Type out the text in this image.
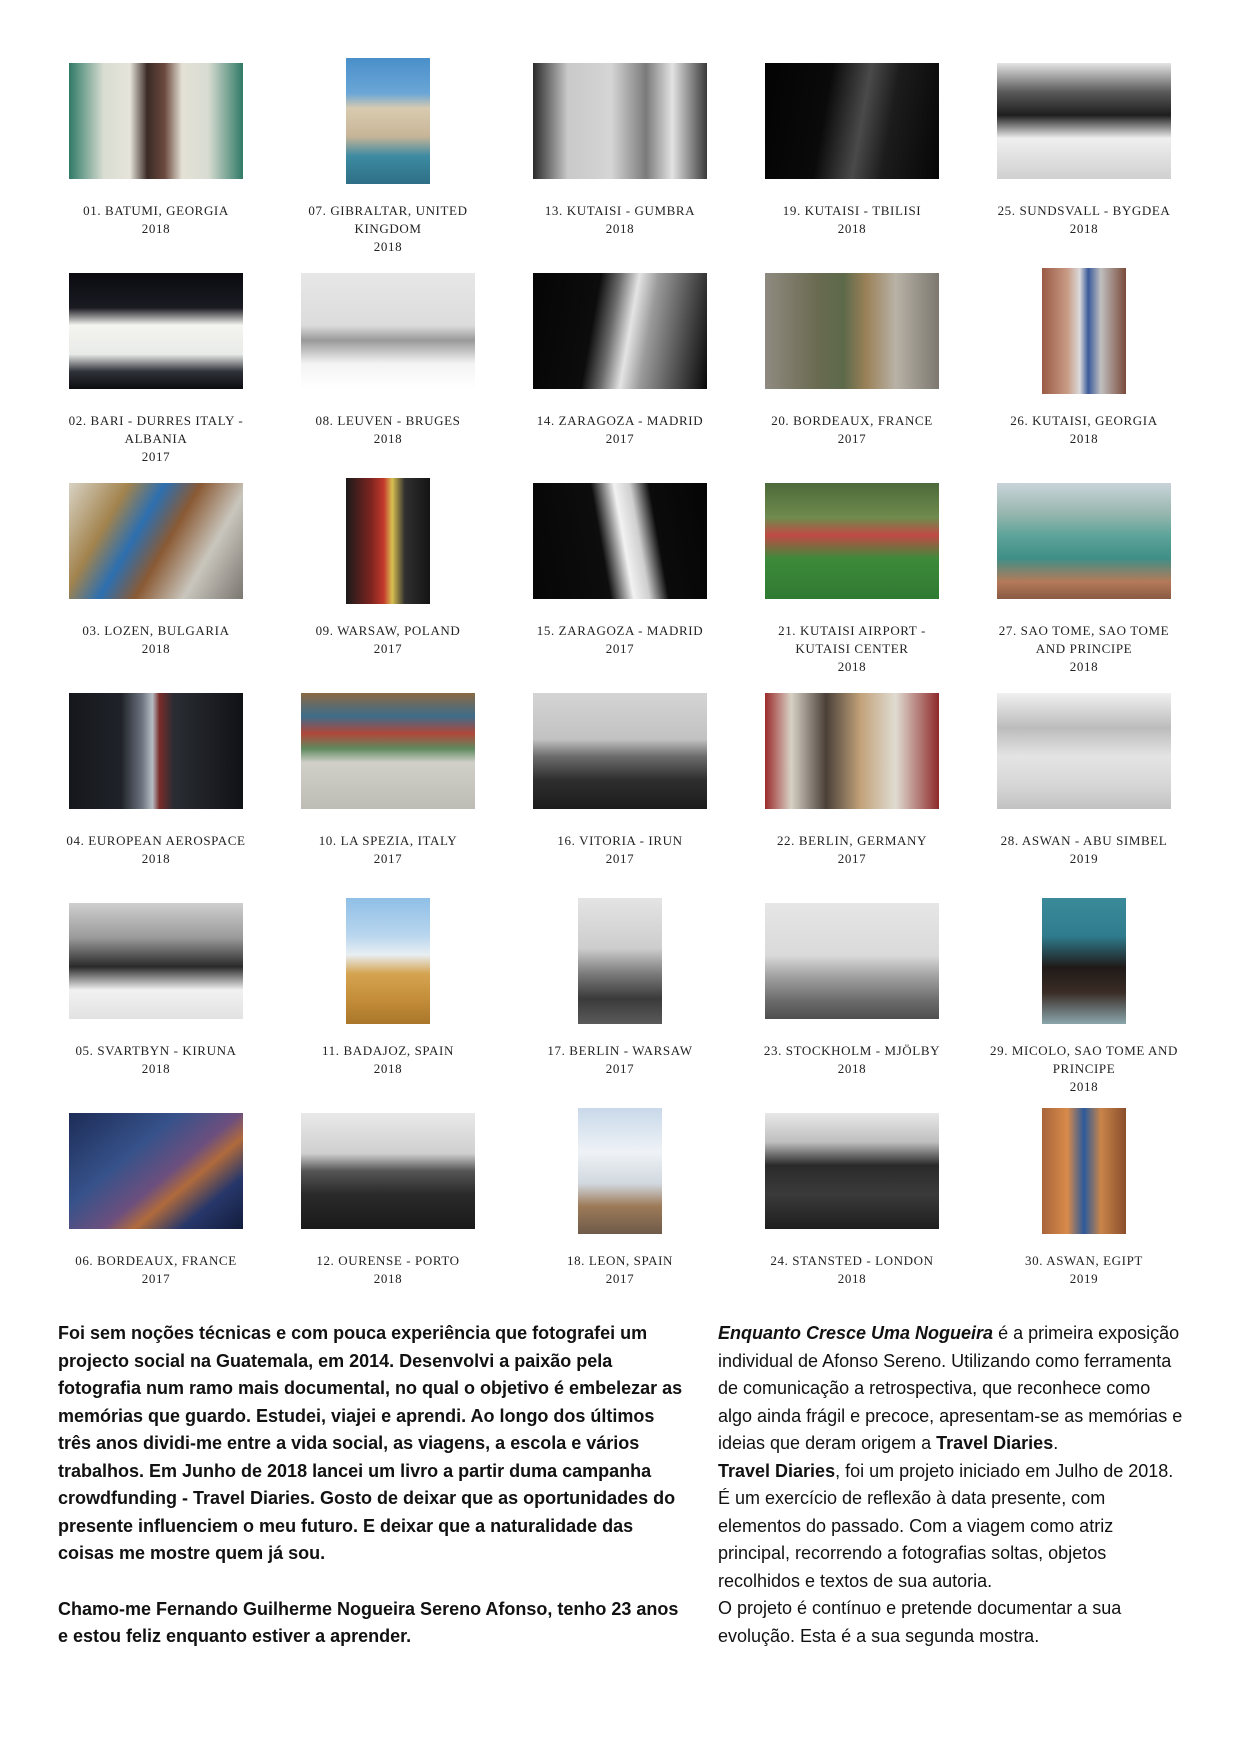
01. BATUMI, GEORGIA
2018
07. GIBRALTAR, UNITED KINGDOM
2018
13. KUTAISI - GUMBRA
2018
19. KUTAISI - TBILISI
2018
25. SUNDSVALL - BYGDEA
2018
02. BARI - DURRES ITALY - ALBANIA
2017
08. LEUVEN - BRUGES
2018
14. ZARAGOZA - MADRID
2017
20. BORDEAUX, FRANCE
2017
26. KUTAISI, GEORGIA
2018
03. LOZEN, BULGARIA
2018
09. WARSAW, POLAND
2017
15. ZARAGOZA - MADRID
2017
21. KUTAISI AIRPORT - KUTAISI CENTER
2018
27. SAO TOME, SAO TOME AND PRINCIPE
2018
04. EUROPEAN AEROSPACE
2018
10. LA SPEZIA, ITALY
2017
16. VITORIA - IRUN
2017
22. BERLIN, GERMANY
2017
28. ASWAN - ABU SIMBEL
2019
05. SVARTBYN - KIRUNA
2018
11. BADAJOZ, SPAIN
2018
17. BERLIN - WARSAW
2017
23. STOCKHOLM - MJÖLBY
2018
29. MICOLO, SAO TOME AND PRINCIPE
2018
06. BORDEAUX, FRANCE
2017
12. OURENSE - PORTO
2018
18. LEON, SPAIN
2017
24. STANSTED - LONDON
2018
30. ASWAN, EGIPT
2019

Foi sem noções técnicas e com pouca experiência que fotografei um projecto social na Guatemala, em 2014. Desenvolvi a paixão pela fotografia num ramo mais documental, no qual o objetivo é embelezar as memórias que guardo. Estudei, viajei e aprendi. Ao longo dos últimos três anos dividi-me entre a vida social, as viagens, a escola e vários trabalhos. Em Junho de 2018 lancei um livro a partir duma campanha crowdfunding - Travel Diaries. Gosto de deixar que as oportunidades do presente influenciem o meu futuro. E deixar que a naturalidade das coisas me mostre quem já sou.

Chamo-me Fernando Guilherme Nogueira Sereno Afonso, tenho 23 anos e estou feliz enquanto estiver a aprender.

Enquanto Cresce Uma Nogueira é a primeira exposição individual de Afonso Sereno. Utilizando como ferramenta de comunicação a retrospectiva, que reconhece como algo ainda frágil e precoce, apresentam-se as memórias e ideias que deram origem a Travel Diaries.

Travel Diaries, foi um projeto iniciado em Julho de 2018. É um exercício de reflexão à data presente, com elementos do passado. Com a viagem como atriz principal, recorrendo a fotografias soltas, objetos recolhidos e textos de sua autoria.

O projeto é contínuo e pretende documentar a sua evolução. Esta é a sua segunda mostra.
